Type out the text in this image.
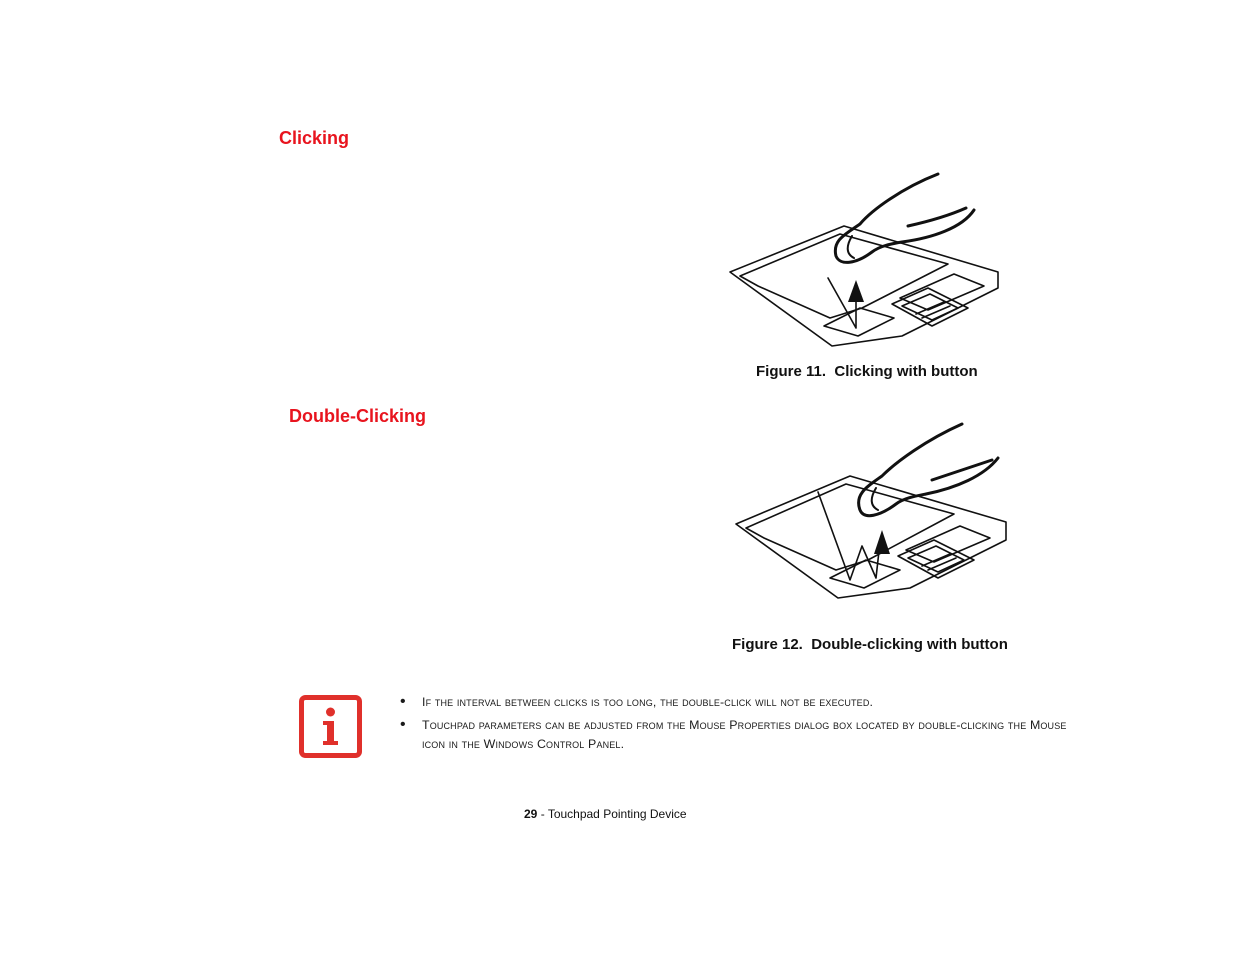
Clicking
Figure 11. Clicking with button
Double-Clicking
Figure 12. Double-clicking with button
• If the interval between clicks is too long, the double-click will not be executed.
• Touchpad parameters can be adjusted from the Mouse Properties dialog box located by double-clicking the Mouse icon in the Windows Control Panel.
29 - Touchpad Pointing Device
